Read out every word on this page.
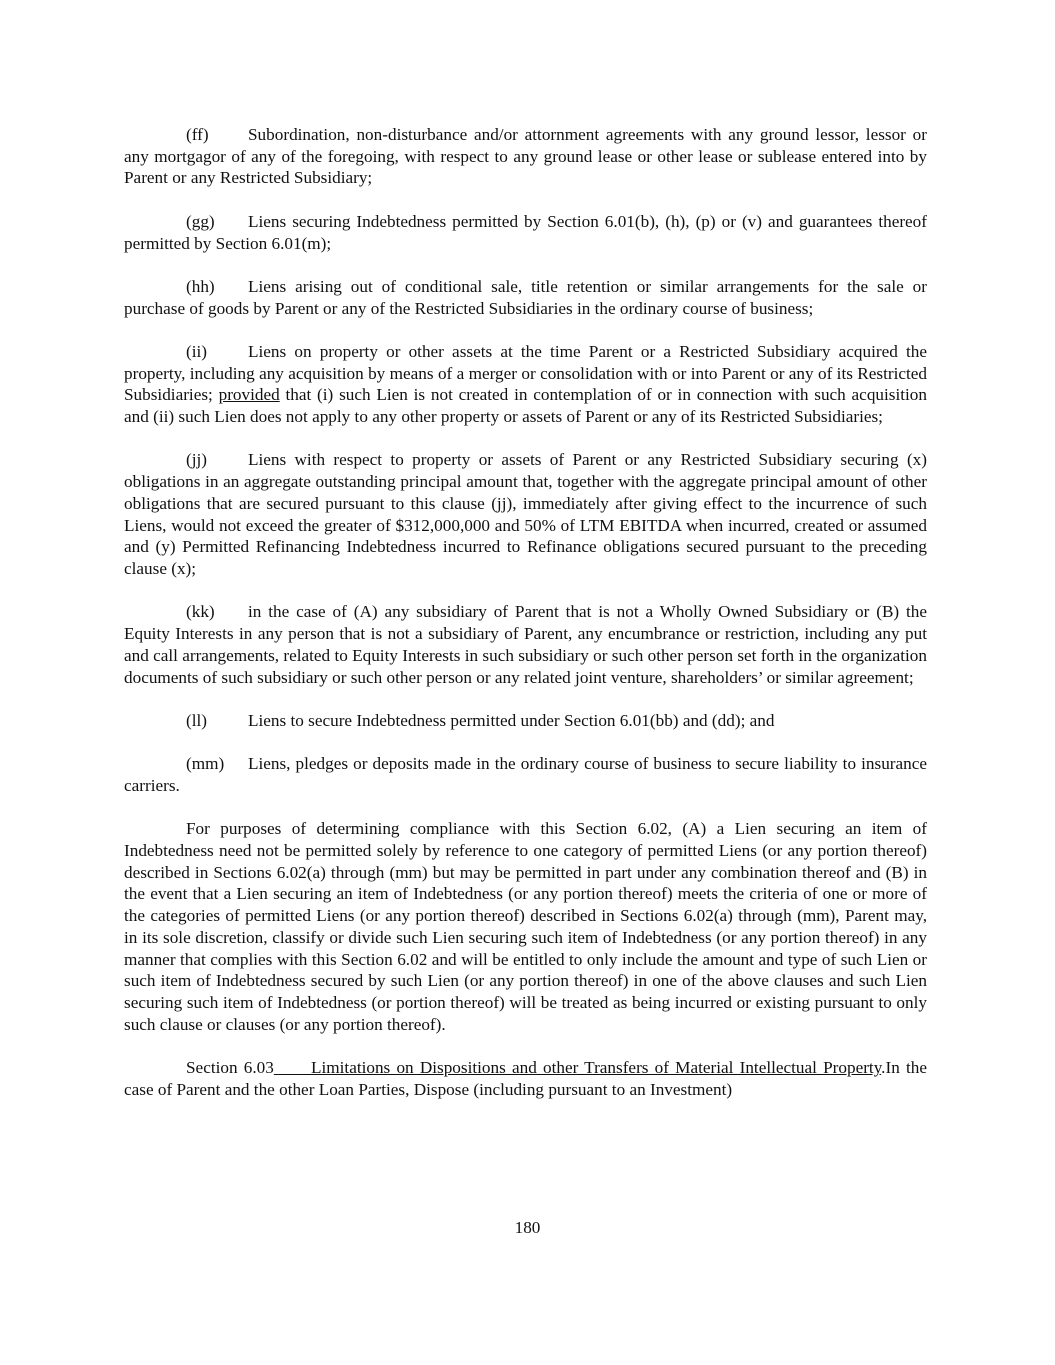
(ff) Subordination, non-disturbance and/or attornment agreements with any ground lessor, lessor or any mortgagor of any of the foregoing, with respect to any ground lease or other lease or sublease entered into by Parent or any Restricted Subsidiary;

(gg) Liens securing Indebtedness permitted by Section 6.01(b), (h), (p) or (v) and guarantees thereof permitted by Section 6.01(m);

(hh) Liens arising out of conditional sale, title retention or similar arrangements for the sale or purchase of goods by Parent or any of the Restricted Subsidiaries in the ordinary course of business;

(ii) Liens on property or other assets at the time Parent or a Restricted Subsidiary acquired the property, including any acquisition by means of a merger or consolidation with or into Parent or any of its Restricted Subsidiaries; provided that (i) such Lien is not created in contemplation of or in connection with such acquisition and (ii) such Lien does not apply to any other property or assets of Parent or any of its Restricted Subsidiaries;

(jj) Liens with respect to property or assets of Parent or any Restricted Subsidiary securing (x) obligations in an aggregate outstanding principal amount that, together with the aggregate principal amount of other obligations that are secured pursuant to this clause (jj), immediately after giving effect to the incurrence of such Liens, would not exceed the greater of $312,000,000 and 50% of LTM EBITDA when incurred, created or assumed and (y) Permitted Refinancing Indebtedness incurred to Refinance obligations secured pursuant to the preceding clause (x);

(kk) in the case of (A) any subsidiary of Parent that is not a Wholly Owned Subsidiary or (B) the Equity Interests in any person that is not a subsidiary of Parent, any encumbrance or restriction, including any put and call arrangements, related to Equity Interests in such subsidiary or such other person set forth in the organization documents of such subsidiary or such other person or any related joint venture, shareholders’ or similar agreement;

(ll) Liens to secure Indebtedness permitted under Section 6.01(bb) and (dd); and

(mm) Liens, pledges or deposits made in the ordinary course of business to secure liability to insurance carriers.

For purposes of determining compliance with this Section 6.02, (A) a Lien securing an item of Indebtedness need not be permitted solely by reference to one category of permitted Liens (or any portion thereof) described in Sections 6.02(a) through (mm) but may be permitted in part under any combination thereof and (B) in the event that a Lien securing an item of Indebtedness (or any portion thereof) meets the criteria of one or more of the categories of permitted Liens (or any portion thereof) described in Sections 6.02(a) through (mm), Parent may, in its sole discretion, classify or divide such Lien securing such item of Indebtedness (or any portion thereof) in any manner that complies with this Section 6.02 and will be entitled to only include the amount and type of such Lien or such item of Indebtedness secured by such Lien (or any portion thereof) in one of the above clauses and such Lien securing such item of Indebtedness (or portion thereof) will be treated as being incurred or existing pursuant to only such clause or clauses (or any portion thereof).

Section 6.03 Limitations on Dispositions and other Transfers of Material Intellectual Property.In the case of Parent and the other Loan Parties, Dispose (including pursuant to an Investment)

180
